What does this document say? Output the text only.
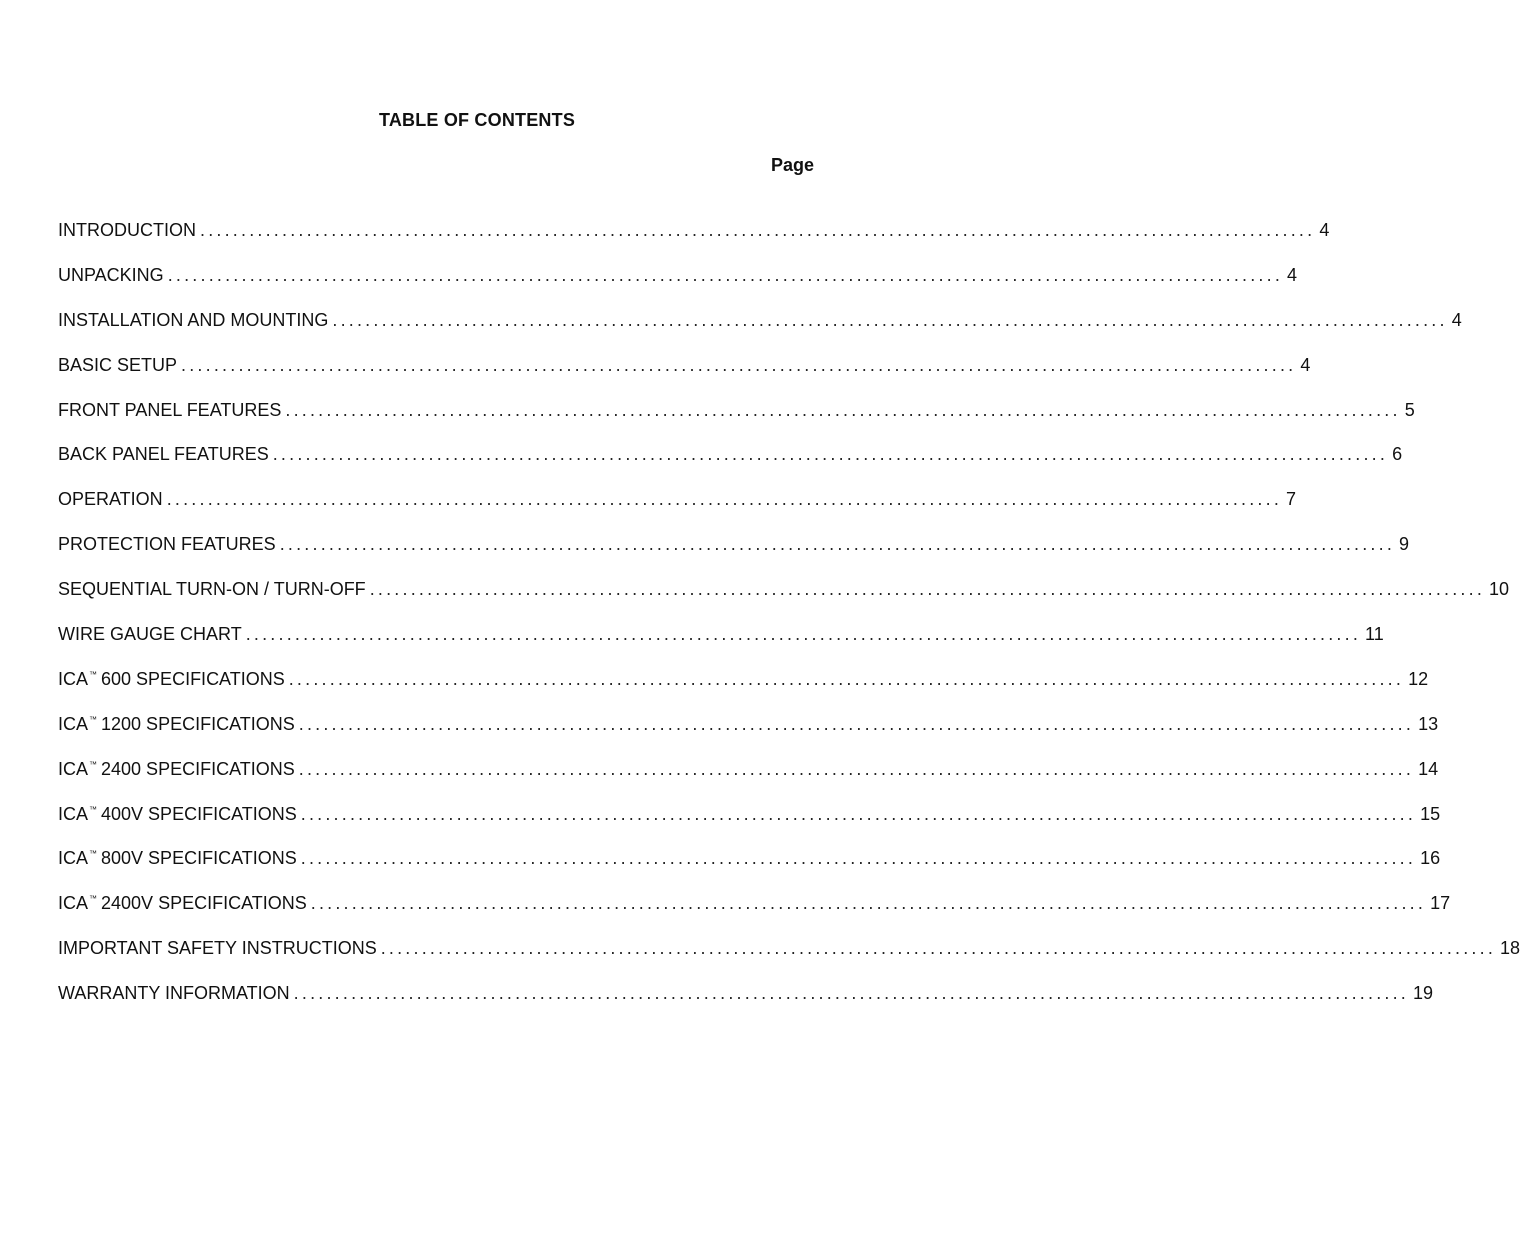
TABLE OF CONTENTS
Page
INTRODUCTION ........................................................................................................................................ 4
UNPACKING ........................................................................................................................................ 4
INSTALLATION AND MOUNTING ........................................................................................................................................ 4
BASIC SETUP ........................................................................................................................................ 4
FRONT PANEL FEATURES ........................................................................................................................................ 5
BACK PANEL FEATURES ........................................................................................................................................ 6
OPERATION ........................................................................................................................................ 7
PROTECTION FEATURES ........................................................................................................................................ 9
SEQUENTIAL TURN-ON / TURN-OFF ........................................................................................................................................ 10
WIRE GAUGE CHART ........................................................................................................................................ 11
ICA™ 600 SPECIFICATIONS ........................................................................................................................................ 12
ICA™ 1200 SPECIFICATIONS ........................................................................................................................................ 13
ICA™ 2400 SPECIFICATIONS ........................................................................................................................................ 14
ICA™ 400V SPECIFICATIONS ........................................................................................................................................ 15
ICA™ 800V SPECIFICATIONS ........................................................................................................................................ 16
ICA™ 2400V SPECIFICATIONS ........................................................................................................................................ 17
IMPORTANT SAFETY INSTRUCTIONS ........................................................................................................................................ 18
WARRANTY INFORMATION ........................................................................................................................................ 19
